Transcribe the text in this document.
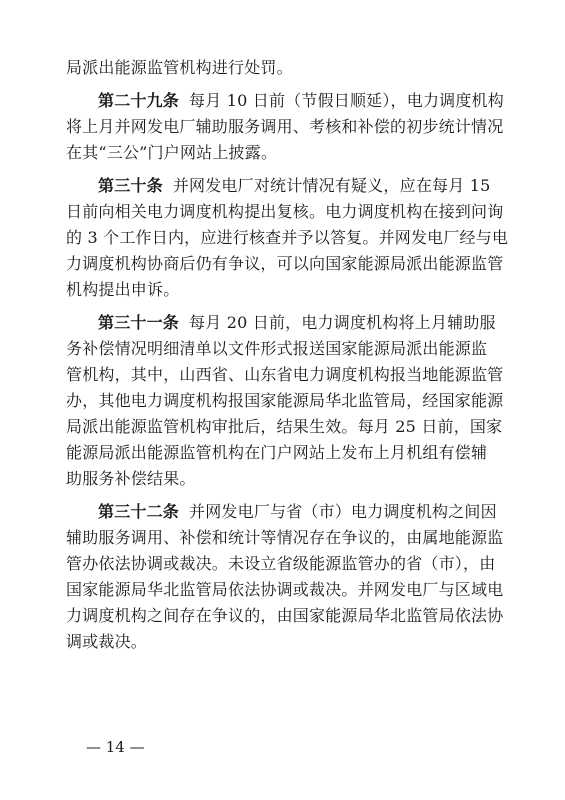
局派出能源监管机构进行处罚。
第二十九条 每月 10 日前（节假日顺延），电力调度机构
将上月并网发电厂辅助服务调用、考核和补偿的初步统计情况
在其“三公”门户网站上披露。
第三十条 并网发电厂对统计情况有疑义，应在每月 15
日前向相关电力调度机构提出复核。电力调度机构在接到问询
的 3 个工作日内，应进行核查并予以答复。并网发电厂经与电
力调度机构协商后仍有争议，可以向国家能源局派出能源监管
机构提出申诉。
第三十一条 每月 20 日前，电力调度机构将上月辅助服
务补偿情况明细清单以文件形式报送国家能源局派出能源监
管机构，其中，山西省、山东省电力调度机构报当地能源监管
办，其他电力调度机构报国家能源局华北监管局，经国家能源
局派出能源监管机构审批后，结果生效。每月 25 日前，国家
能源局派出能源监管机构在门户网站上发布上月机组有偿辅
助服务补偿结果。
第三十二条 并网发电厂与省（市）电力调度机构之间因
辅助服务调用、补偿和统计等情况存在争议的，由属地能源监
管办依法协调或裁决。未设立省级能源监管办的省（市），由
国家能源局华北监管局依法协调或裁决。并网发电厂与区域电
力调度机构之间存在争议的，由国家能源局华北监管局依法协
调或裁决。
— 14 —
